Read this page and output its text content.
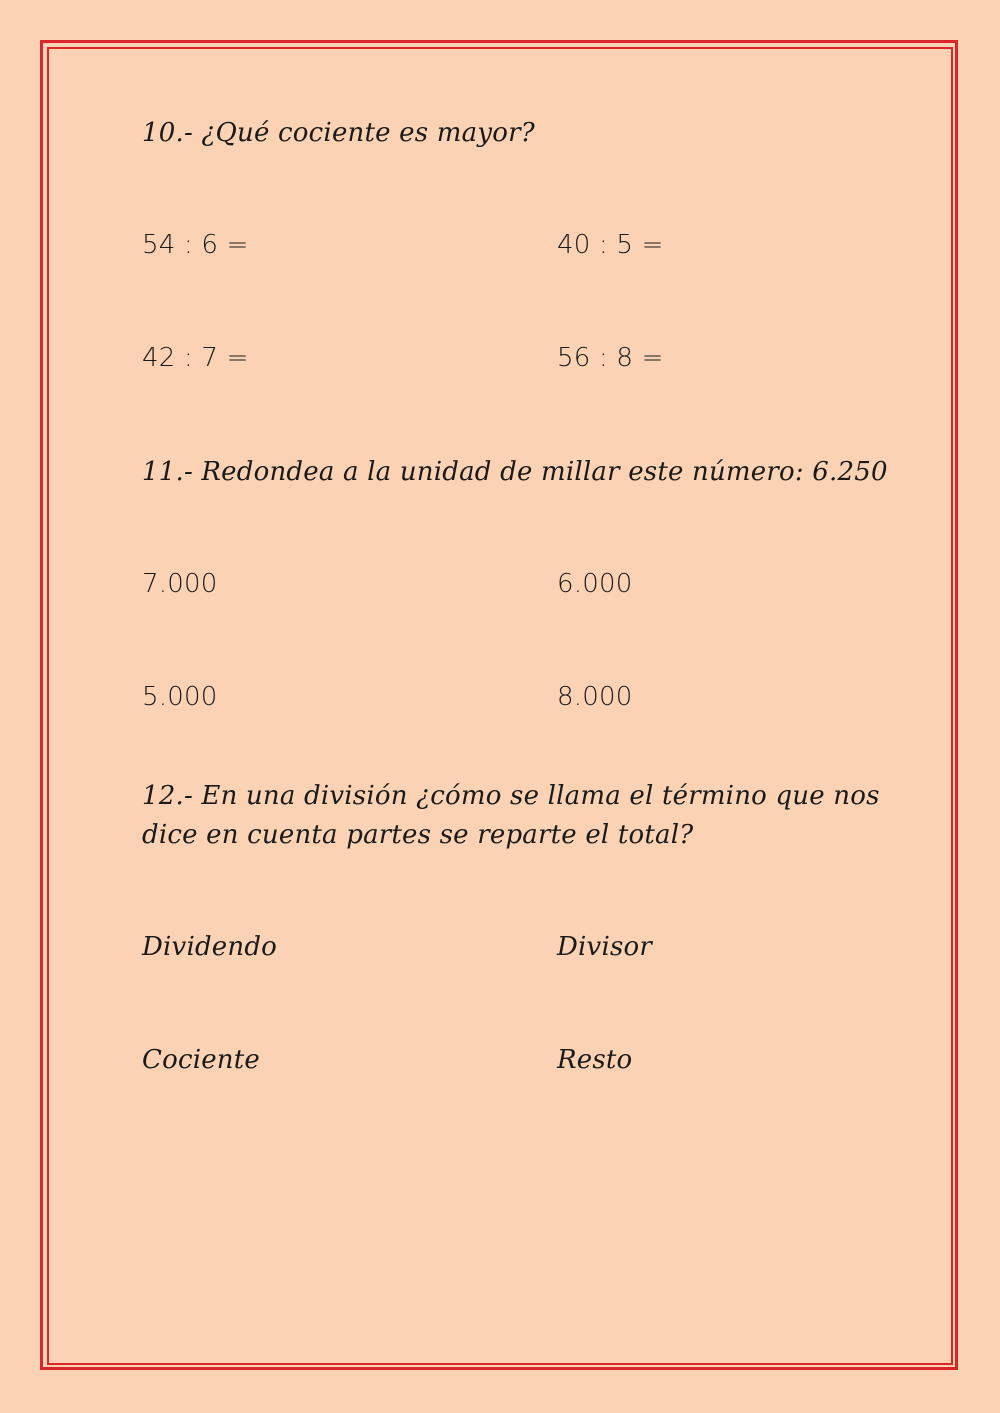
10.- ¿Qué cociente es mayor?
54 : 6 =	40 : 5 =
42 : 7 =	56 : 8 =
11.- Redondea a la unidad de millar este número: 6.250
7.000	6.000
5.000	8.000
12.- En una división ¿cómo se llama el término que nos
dice en cuenta partes se reparte el total?
Dividendo	Divisor
Cociente	Resto
